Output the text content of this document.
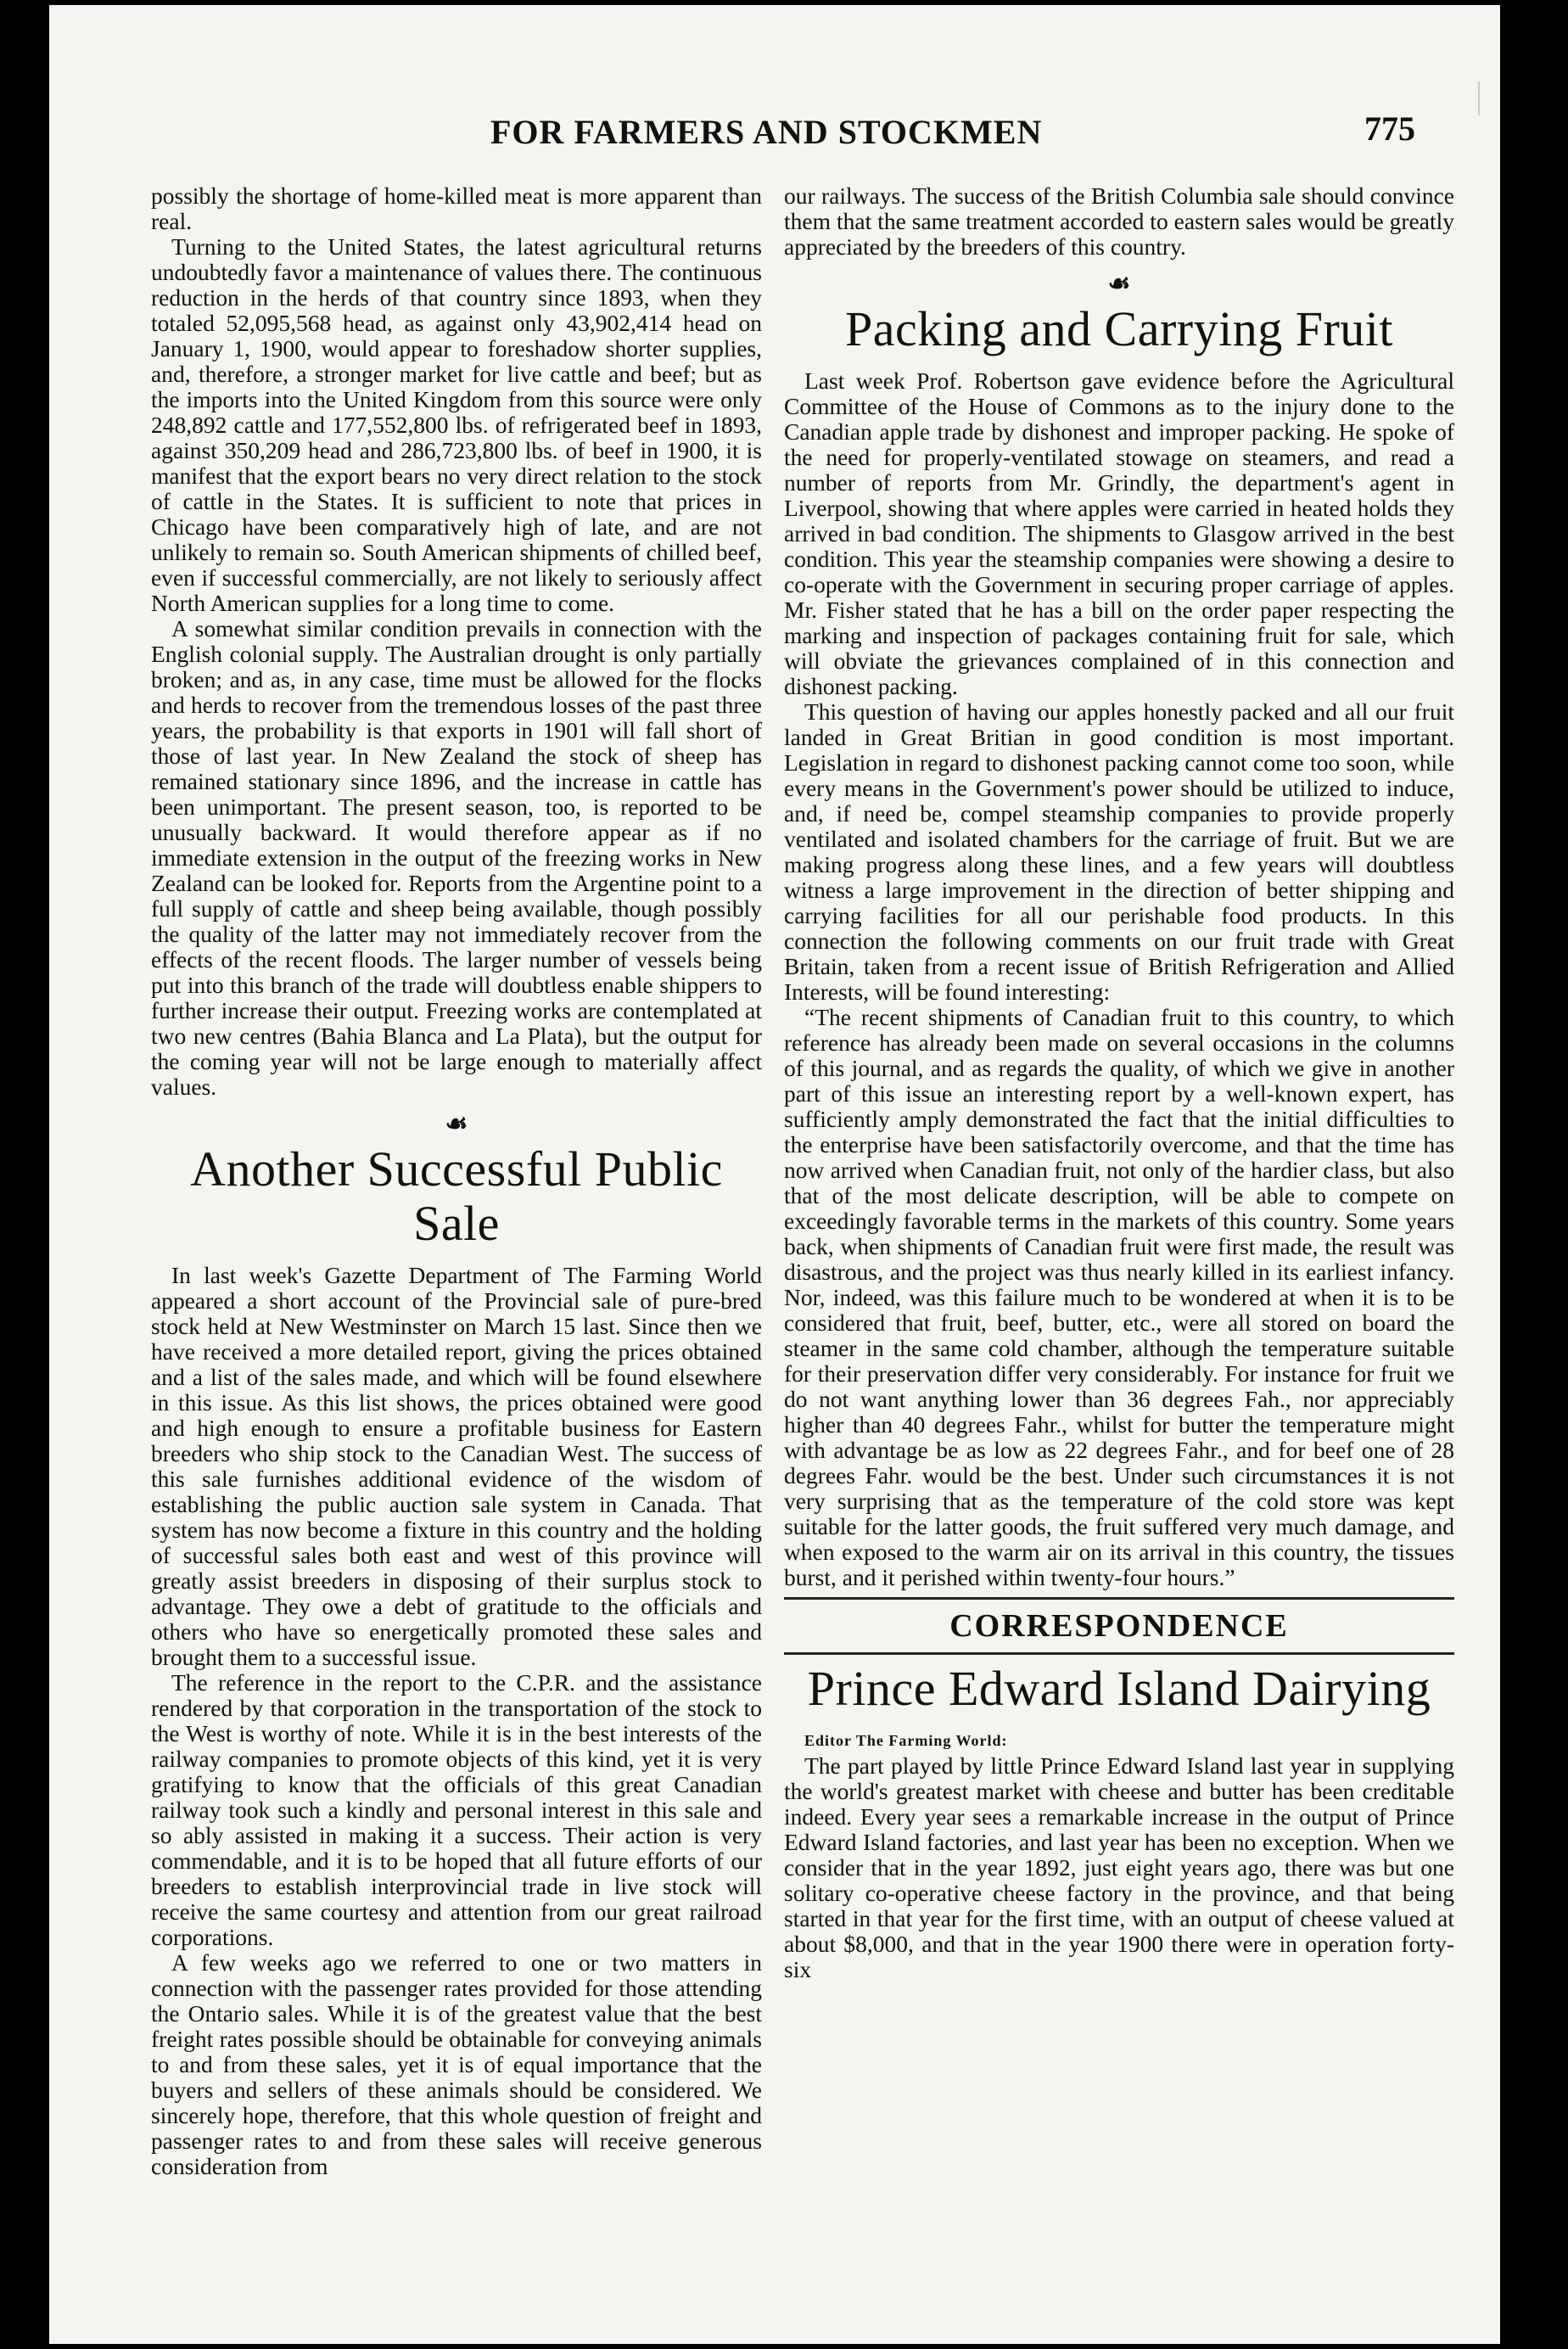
FOR FARMERS AND STOCKMEN	775

possibly the shortage of home-killed meat is more apparent than real.

Turning to the United States, the latest agricultural returns undoubtedly favor a maintenance of values there. The continuous reduction in the herds of that country since 1893, when they totaled 52,095,568 head, as against only 43,902,414 head on January 1, 1900, would appear to foreshadow shorter supplies, and, therefore, a stronger market for live cattle and beef; but as the imports into the United Kingdom from this source were only 248,892 cattle and 177,552,800 lbs. of refrigerated beef in 1893, against 350,209 head and 286,723,800 lbs. of beef in 1900, it is manifest that the export bears no very direct relation to the stock of cattle in the States. It is sufficient to note that prices in Chicago have been comparatively high of late, and are not unlikely to remain so. South American shipments of chilled beef, even if successful commercially, are not likely to seriously affect North American supplies for a long time to come.

A somewhat similar condition prevails in connection with the English colonial supply. The Australian drought is only partially broken; and as, in any case, time must be allowed for the flocks and herds to recover from the tremendous losses of the past three years, the probability is that exports in 1901 will fall short of those of last year. In New Zealand the stock of sheep has remained stationary since 1896, and the increase in cattle has been unimportant. The present season, too, is reported to be unusually backward. It would therefore appear as if no immediate extension in the output of the freezing works in New Zealand can be looked for. Reports from the Argentine point to a full supply of cattle and sheep being available, though possibly the quality of the latter may not immediately recover from the effects of the recent floods. The larger number of vessels being put into this branch of the trade will doubtless enable shippers to further increase their output. Freezing works are contemplated at two new centres (Bahia Blanca and La Plata), but the output for the coming year will not be large enough to materially affect values.

☙
Another Successful Public Sale

In last week's Gazette Department of The Farming World appeared a short account of the Provincial sale of pure-bred stock held at New Westminster on March 15 last. Since then we have received a more detailed report, giving the prices obtained and a list of the sales made, and which will be found elsewhere in this issue. As this list shows, the prices obtained were good and high enough to ensure a profitable business for Eastern breeders who ship stock to the Canadian West. The success of this sale furnishes additional evidence of the wisdom of establishing the public auction sale system in Canada. That system has now become a fixture in this country and the holding of successful sales both east and west of this province will greatly assist breeders in disposing of their surplus stock to advantage. They owe a debt of gratitude to the officials and others who have so energetically promoted these sales and brought them to a successful issue.

The reference in the report to the C.P.R. and the assistance rendered by that corporation in the transportation of the stock to the West is worthy of note. While it is in the best interests of the railway companies to promote objects of this kind, yet it is very gratifying to know that the officials of this great Canadian railway took such a kindly and personal interest in this sale and so ably assisted in making it a success. Their action is very commendable, and it is to be hoped that all future efforts of our breeders to establish interprovincial trade in live stock will receive the same courtesy and attention from our great railroad corporations.

A few weeks ago we referred to one or two matters in connection with the passenger rates provided for those attending the Ontario sales. While it is of the greatest value that the best freight rates possible should be obtainable for conveying animals to and from these sales, yet it is of equal importance that the buyers and sellers of these animals should be considered. We sincerely hope, therefore, that this whole question of freight and passenger rates to and from these sales will receive generous consideration from

our railways. The success of the British Columbia sale should convince them that the same treatment accorded to eastern sales would be greatly appreciated by the breeders of this country.

☙
Packing and Carrying Fruit

Last week Prof. Robertson gave evidence before the Agricultural Committee of the House of Commons as to the injury done to the Canadian apple trade by dishonest and improper packing. He spoke of the need for properly-ventilated stowage on steamers, and read a number of reports from Mr. Grindly, the department's agent in Liverpool, showing that where apples were carried in heated holds they arrived in bad condition. The shipments to Glasgow arrived in the best condition. This year the steamship companies were showing a desire to co-operate with the Government in securing proper carriage of apples. Mr. Fisher stated that he has a bill on the order paper respecting the marking and inspection of packages containing fruit for sale, which will obviate the grievances complained of in this connection and dishonest packing.

This question of having our apples honestly packed and all our fruit landed in Great Britian in good condition is most important. Legislation in regard to dishonest packing cannot come too soon, while every means in the Government's power should be utilized to induce, and, if need be, compel steamship companies to provide properly ventilated and isolated chambers for the carriage of fruit. But we are making progress along these lines, and a few years will doubtless witness a large improvement in the direction of better shipping and carrying facilities for all our perishable food products. In this connection the following comments on our fruit trade with Great Britain, taken from a recent issue of British Refrigeration and Allied Interests, will be found interesting:

“The recent shipments of Canadian fruit to this country, to which reference has already been made on several occasions in the columns of this journal, and as regards the quality, of which we give in another part of this issue an interesting report by a well-known expert, has sufficiently amply demonstrated the fact that the initial difficulties to the enterprise have been satisfactorily overcome, and that the time has now arrived when Canadian fruit, not only of the hardier class, but also that of the most delicate description, will be able to compete on exceedingly favorable terms in the markets of this country. Some years back, when shipments of Canadian fruit were first made, the result was disastrous, and the project was thus nearly killed in its earliest infancy. Nor, indeed, was this failure much to be wondered at when it is to be considered that fruit, beef, butter, etc., were all stored on board the steamer in the same cold chamber, although the temperature suitable for their preservation differ very considerably. For instance for fruit we do not want anything lower than 36 degrees Fah., nor appreciably higher than 40 degrees Fahr., whilst for butter the temperature might with advantage be as low as 22 degrees Fahr., and for beef one of 28 degrees Fahr. would be the best. Under such circumstances it is not very surprising that as the temperature of the cold store was kept suitable for the latter goods, the fruit suffered very much damage, and when exposed to the warm air on its arrival in this country, the tissues burst, and it perished within twenty-four hours.”

CORRESPONDENCE
Prince Edward Island Dairying

Editor The Farming World:

The part played by little Prince Edward Island last year in supplying the world's greatest market with cheese and butter has been creditable indeed. Every year sees a remarkable increase in the output of Prince Edward Island factories, and last year has been no exception. When we consider that in the year 1892, just eight years ago, there was but one solitary co-operative cheese factory in the province, and that being started in that year for the first time, with an output of cheese valued at about $8,000, and that in the year 1900 there were in operation forty-six
